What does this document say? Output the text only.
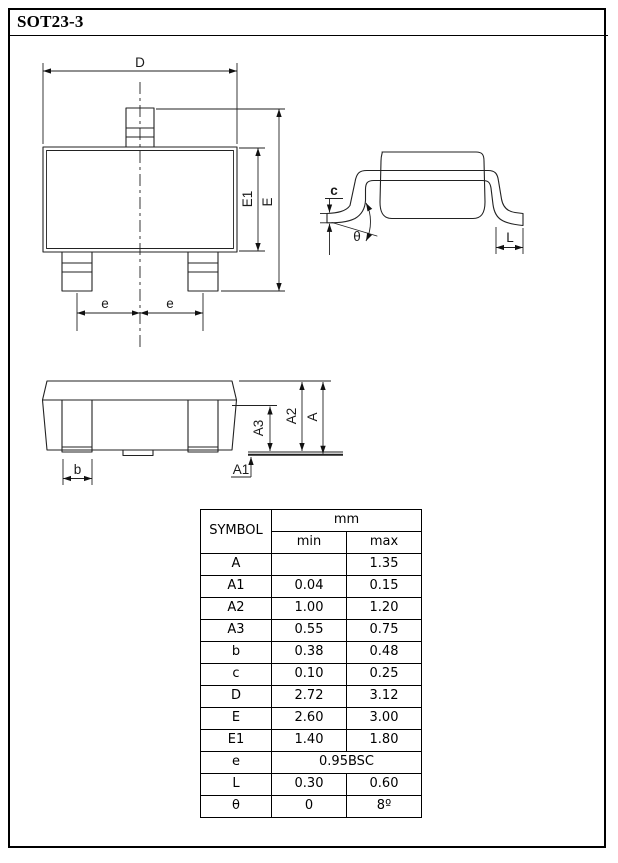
SOT23-3
D
E
E1
e	e
c
θ	L
A3
A2 A
A1
b
SYMBOL	mm	
	min	max
A		1.35
A1	0.04	0.15
A2	1.00	1.20
A3	0.55	0.75
b	0.38	0.48
c	0.10	0.25
D	2.72	3.12
E	2.60	3.00
E1	1.40	1.80
e	0.95BSC	
L	0.30	0.60
θ	0	8º
